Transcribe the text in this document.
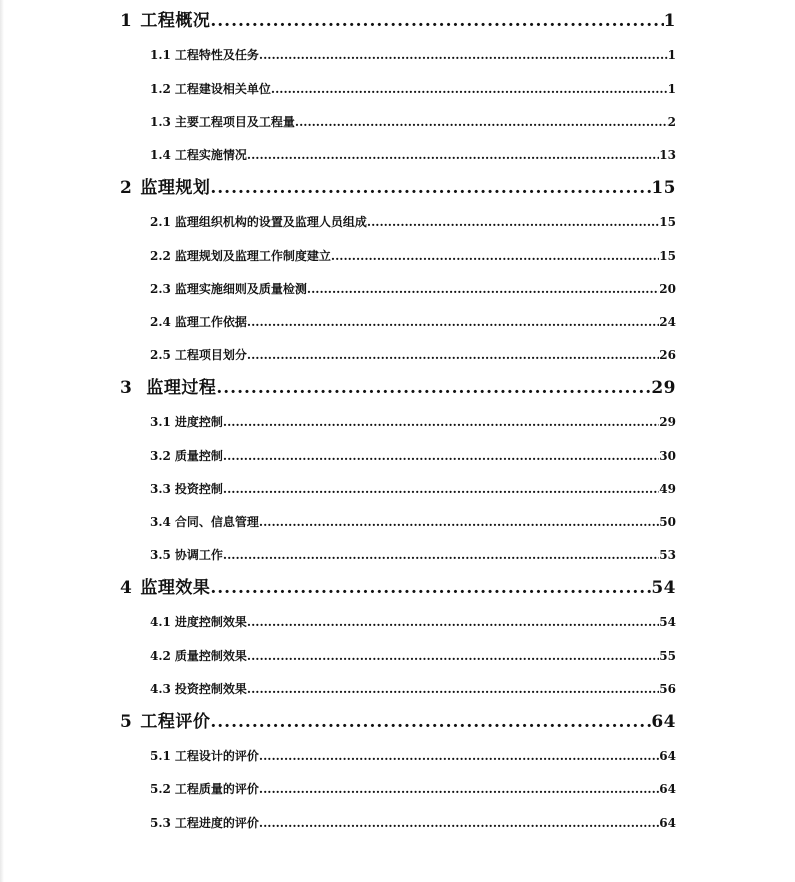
1 工程概况 .....	1
1.1 工程特性及任务 .....	1
1.2 工程建设相关单位 .....	1
1.3 主要工程项目及工程量 .....	2
1.4 工程实施情况 .....	13
2 监理规划 .....	15
2.1 监理组织机构的设置及监理人员组成 .....	15
2.2 监理规划及监理工作制度建立 .....	15
2.3 监理实施细则及质量检测 .....	20
2.4 监理工作依据 .....	24
2.5 工程项目划分 .....	26
3 监理过程 .....	29
3.1 进度控制 .....	29
3.2 质量控制 .....	30
3.3 投资控制 .....	49
3.4 合同、信息管理 .....	50
3.5 协调工作 .....	53
4 监理效果 .....	54
4.1 进度控制效果 .....	54
4.2 质量控制效果 .....	55
4.3 投资控制效果 .....	56
5 工程评价 .....	64
5.1 工程设计的评价 .....	64
5.2 工程质量的评价 .....	64
5.3 工程进度的评价 .....	64
